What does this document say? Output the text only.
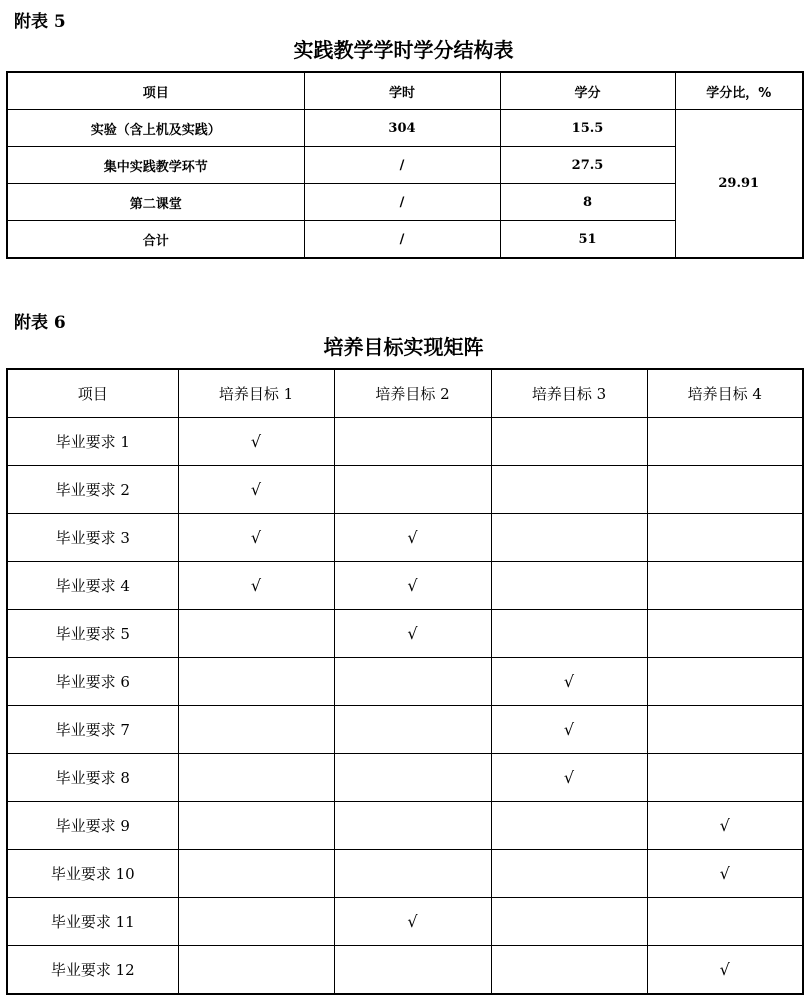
附表 5
实践教学学时学分结构表
项目	学时	学分	学分比，%
实验（含上机及实践）	304	15.5	29.91
集中实践教学环节	/	27.5	
第二课堂	/	8	
合计	/	51	
附表 6
培养目标实现矩阵
项目	培养目标 1	培养目标 2	培养目标 3	培养目标 4
毕业要求 1	√			
毕业要求 2	√			
毕业要求 3	√	√		
毕业要求 4	√	√		
毕业要求 5		√		
毕业要求 6			√	
毕业要求 7			√	
毕业要求 8			√	
毕业要求 9				√
毕业要求 10				√
毕业要求 11		√		
毕业要求 12				√
